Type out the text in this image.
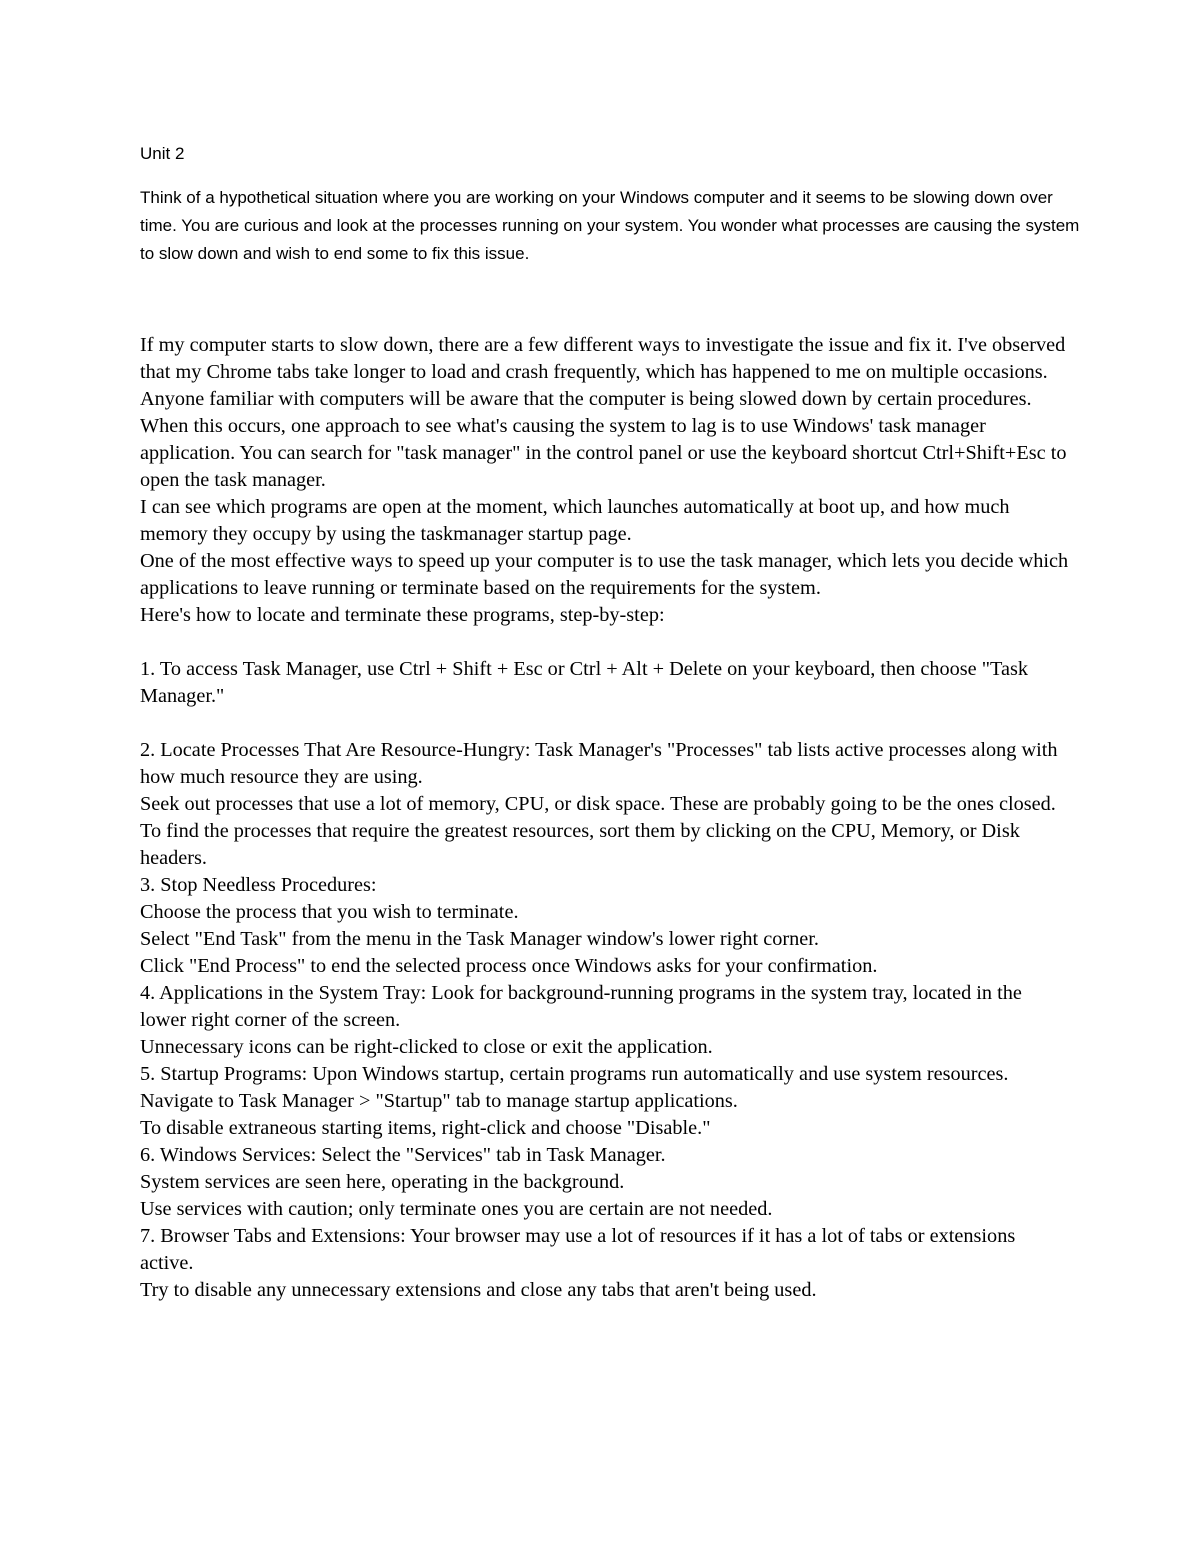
Unit 2

Think of a hypothetical situation where you are working on your Windows computer and it seems to be slowing down over time. You are curious and look at the processes running on your system. You wonder what processes are causing the system to slow down and wish to end some to fix this issue.

If my computer starts to slow down, there are a few different ways to investigate the issue and fix it. I've observed that my Chrome tabs take longer to load and crash frequently, which has happened to me on multiple occasions. Anyone familiar with computers will be aware that the computer is being slowed down by certain procedures. When this occurs, one approach to see what's causing the system to lag is to use Windows' task manager application. You can search for "task manager" in the control panel or use the keyboard shortcut Ctrl+Shift+Esc to open the task manager.

I can see which programs are open at the moment, which launches automatically at boot up, and how much memory they occupy by using the taskmanager startup page.

One of the most effective ways to speed up your computer is to use the task manager, which lets you decide which applications to leave running or terminate based on the requirements for the system.

Here's how to locate and terminate these programs, step-by-step:

1. To access Task Manager, use Ctrl + Shift + Esc or Ctrl + Alt + Delete on your keyboard, then choose "Task Manager."

2. Locate Processes That Are Resource-Hungry: Task Manager's "Processes" tab lists active processes along with how much resource they are using.

Seek out processes that use a lot of memory, CPU, or disk space. These are probably going to be the ones closed.

To find the processes that require the greatest resources, sort them by clicking on the CPU, Memory, or Disk headers.

3. Stop Needless Procedures:

Choose the process that you wish to terminate.

Select "End Task" from the menu in the Task Manager window's lower right corner.

Click "End Process" to end the selected process once Windows asks for your confirmation.

4. Applications in the System Tray: Look for background-running programs in the system tray, located in the lower right corner of the screen.

Unnecessary icons can be right-clicked to close or exit the application.

5. Startup Programs: Upon Windows startup, certain programs run automatically and use system resources.

Navigate to Task Manager > "Startup" tab to manage startup applications.

To disable extraneous starting items, right-click and choose "Disable."

6. Windows Services: Select the "Services" tab in Task Manager.

System services are seen here, operating in the background.

Use services with caution; only terminate ones you are certain are not needed.

7. Browser Tabs and Extensions: Your browser may use a lot of resources if it has a lot of tabs or extensions active.

Try to disable any unnecessary extensions and close any tabs that aren't being used.
